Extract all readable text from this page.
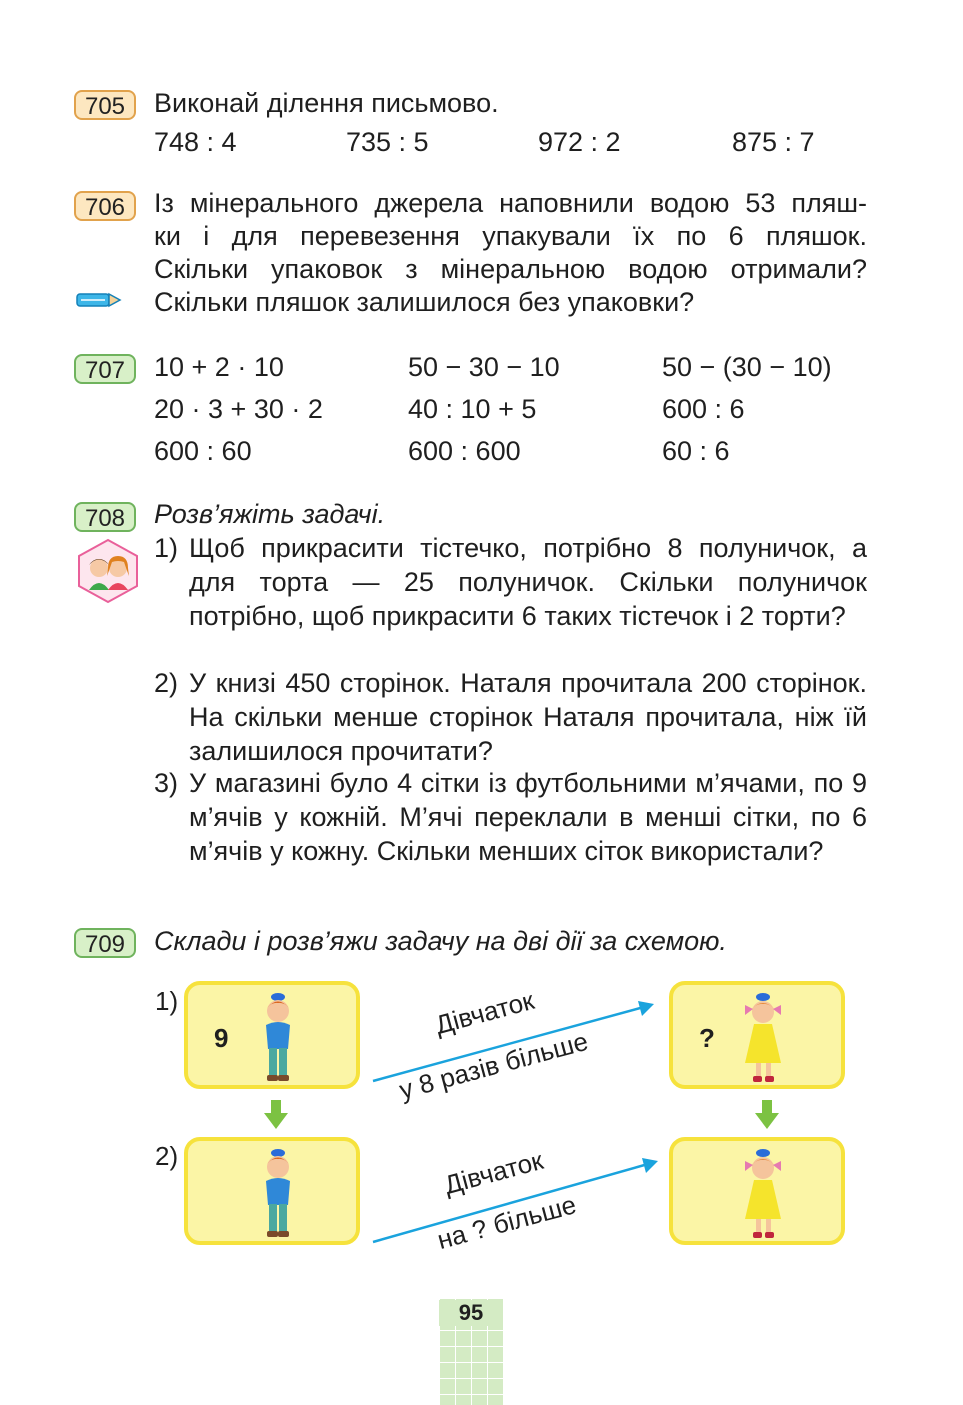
705	Виконай ділення письмово.
748 : 4	735 : 5	972 : 2	875 : 7
706	Із мінерального джерела наповнили водою 53 пляш-
ки і для перевезення упакували їх по 6 пляшок.
Скільки упаковок з мінеральною водою отримали?
Скільки пляшок залишилося без упаковки?
707	10 + 2 · 10	50 − 30 − 10	50 − (30 − 10)
20 · 3 + 30 · 2	40 : 10 + 5	600 : 6
600 : 60	600 : 600	60 : 6
708	Розв’яжіть задачі.
1) Щоб прикрасити тістечко, потрібно 8 полуничок, а для торта — 25 полуничок. Скільки полуничок потрібно, щоб прикрасити 6 таких тістечок і 2 торти?
2) У книзі 450 сторінок. Наталя прочитала 200 сторінок. На скільки менше сторінок Наталя прочитала, ніж їй залишилося прочитати?
3) У магазині було 4 сітки із футбольними м’ячами, по 9 м’ячів у кожній. М’ячі переклали в менші сітки, по 6 м’ячів у кожну. Скільки менших сіток використали?
709	Склади і розв’яжи задачу на дві дії за схемою.
1)
9	Дівчаток
у 8 разів більше	?
2)	Дівчаток
на ? більше
95
